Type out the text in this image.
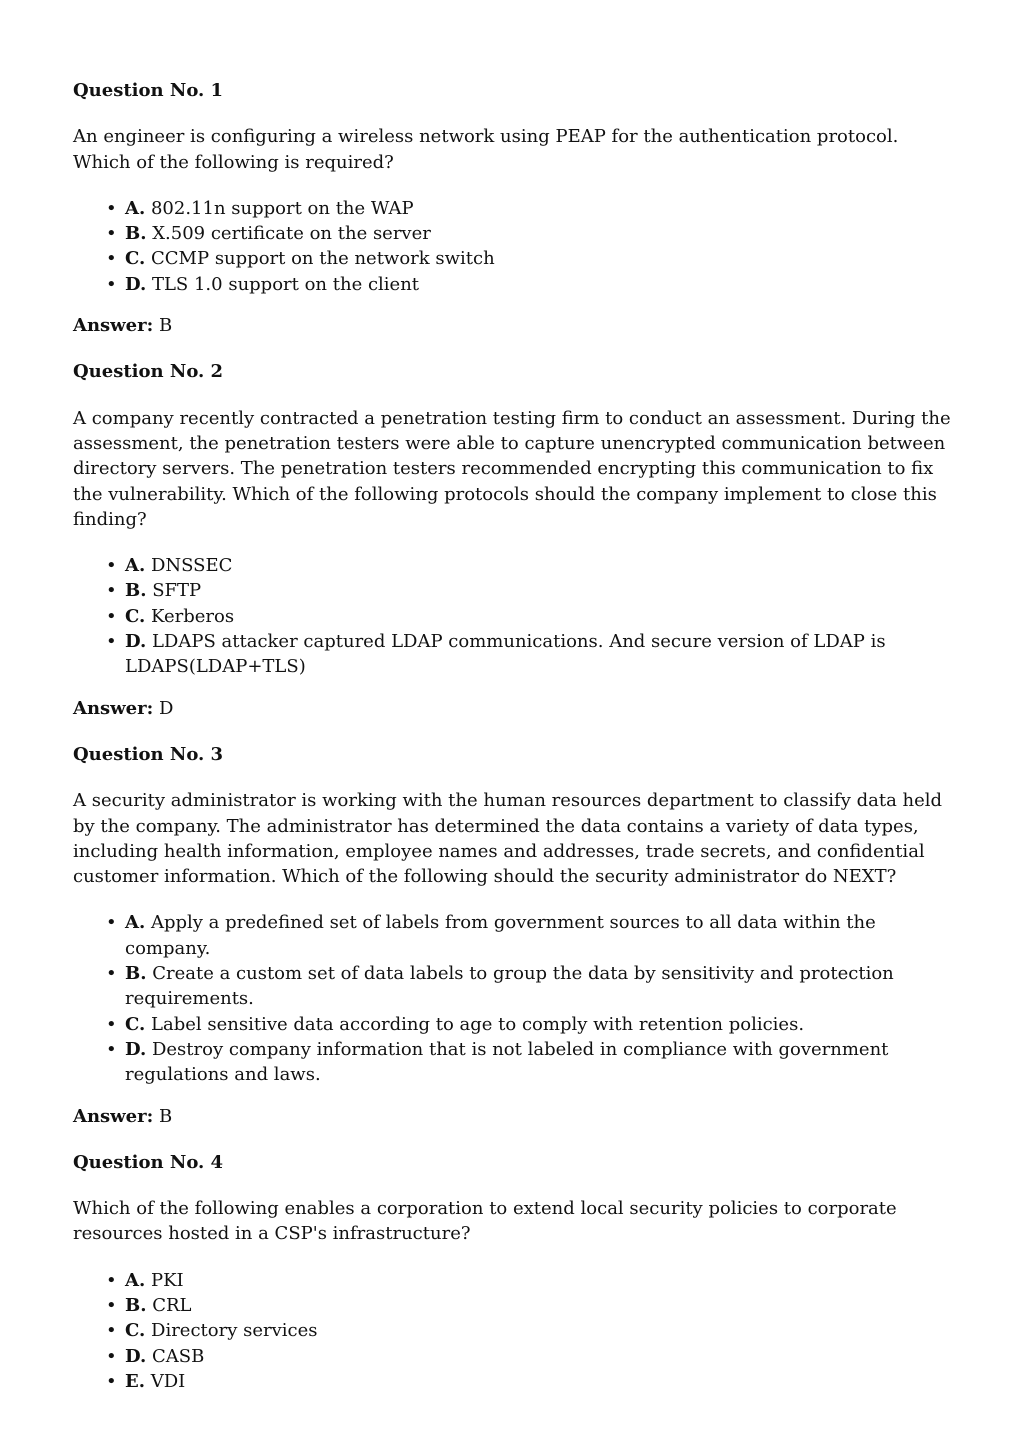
Question No. 1

An engineer is configuring a wireless network using PEAP for the authentication protocol. Which of the following is required?

• A. 802.11n support on the WAP
• B. X.509 certificate on the server
• C. CCMP support on the network switch
• D. TLS 1.0 support on the client

Answer: B

Question No. 2

A company recently contracted a penetration testing firm to conduct an assessment. During the assessment, the penetration testers were able to capture unencrypted communication between directory servers. The penetration testers recommended encrypting this communication to fix the vulnerability. Which of the following protocols should the company implement to close this finding?

• A. DNSSEC
• B. SFTP
• C. Kerberos
• D. LDAPS attacker captured LDAP communications. And secure version of LDAP is LDAPS(LDAP+TLS)

Answer: D

Question No. 3

A security administrator is working with the human resources department to classify data held by the company. The administrator has determined the data contains a variety of data types, including health information, employee names and addresses, trade secrets, and confidential customer information. Which of the following should the security administrator do NEXT?

• A. Apply a predefined set of labels from government sources to all data within the company.
• B. Create a custom set of data labels to group the data by sensitivity and protection requirements.
• C. Label sensitive data according to age to comply with retention policies.
• D. Destroy company information that is not labeled in compliance with government regulations and laws.

Answer: B

Question No. 4

Which of the following enables a corporation to extend local security policies to corporate resources hosted in a CSP's infrastructure?

• A. PKI
• B. CRL
• C. Directory services
• D. CASB
• E. VDI
